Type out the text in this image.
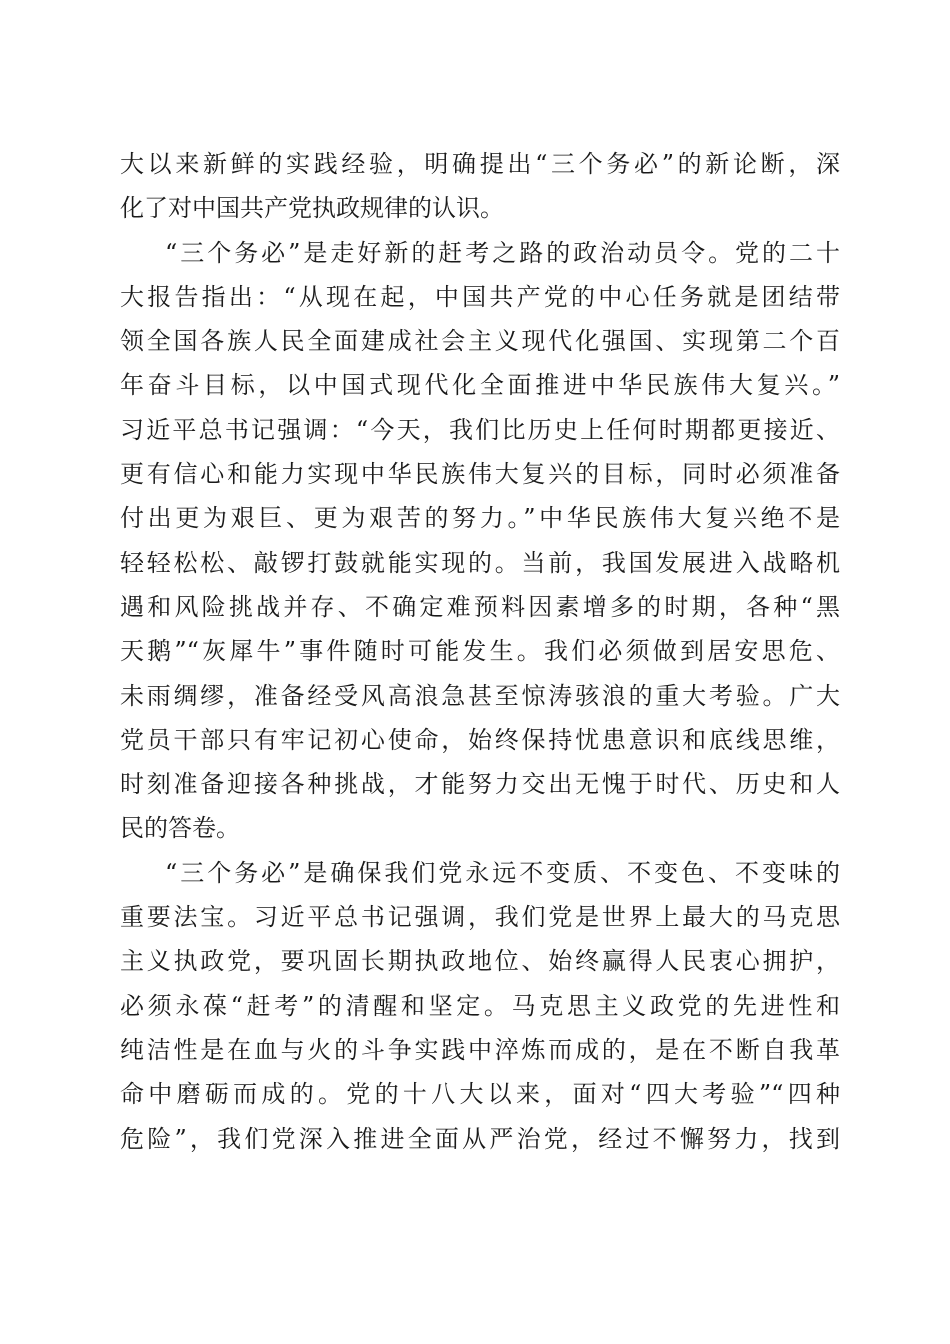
大以来新鲜的实践经验，明确提出“三个务必”的新论断，深
化了对中国共产党执政规律的认识。
“三个务必”是走好新的赶考之路的政治动员令。党的二十
大报告指出：“从现在起，中国共产党的中心任务就是团结带
领全国各族人民全面建成社会主义现代化强国、实现第二个百
年奋斗目标，以中国式现代化全面推进中华民族伟大复兴。”
习近平总书记强调：“今天，我们比历史上任何时期都更接近、
更有信心和能力实现中华民族伟大复兴的目标，同时必须准备
付出更为艰巨、更为艰苦的努力。”中华民族伟大复兴绝不是
轻轻松松、敲锣打鼓就能实现的。当前，我国发展进入战略机
遇和风险挑战并存、不确定难预料因素增多的时期，各种“黑
天鹅”“灰犀牛”事件随时可能发生。我们必须做到居安思危、
未雨绸缪，准备经受风高浪急甚至惊涛骇浪的重大考验。广大
党员干部只有牢记初心使命，始终保持忧患意识和底线思维，
时刻准备迎接各种挑战，才能努力交出无愧于时代、历史和人
民的答卷。
“三个务必”是确保我们党永远不变质、不变色、不变味的
重要法宝。习近平总书记强调，我们党是世界上最大的马克思
主义执政党，要巩固长期执政地位、始终赢得人民衷心拥护，
必须永葆“赶考”的清醒和坚定。马克思主义政党的先进性和
纯洁性是在血与火的斗争实践中淬炼而成的，是在不断自我革
命中磨砺而成的。党的十八大以来，面对“四大考验”“四种
危险”，我们党深入推进全面从严治党，经过不懈努力，找到
